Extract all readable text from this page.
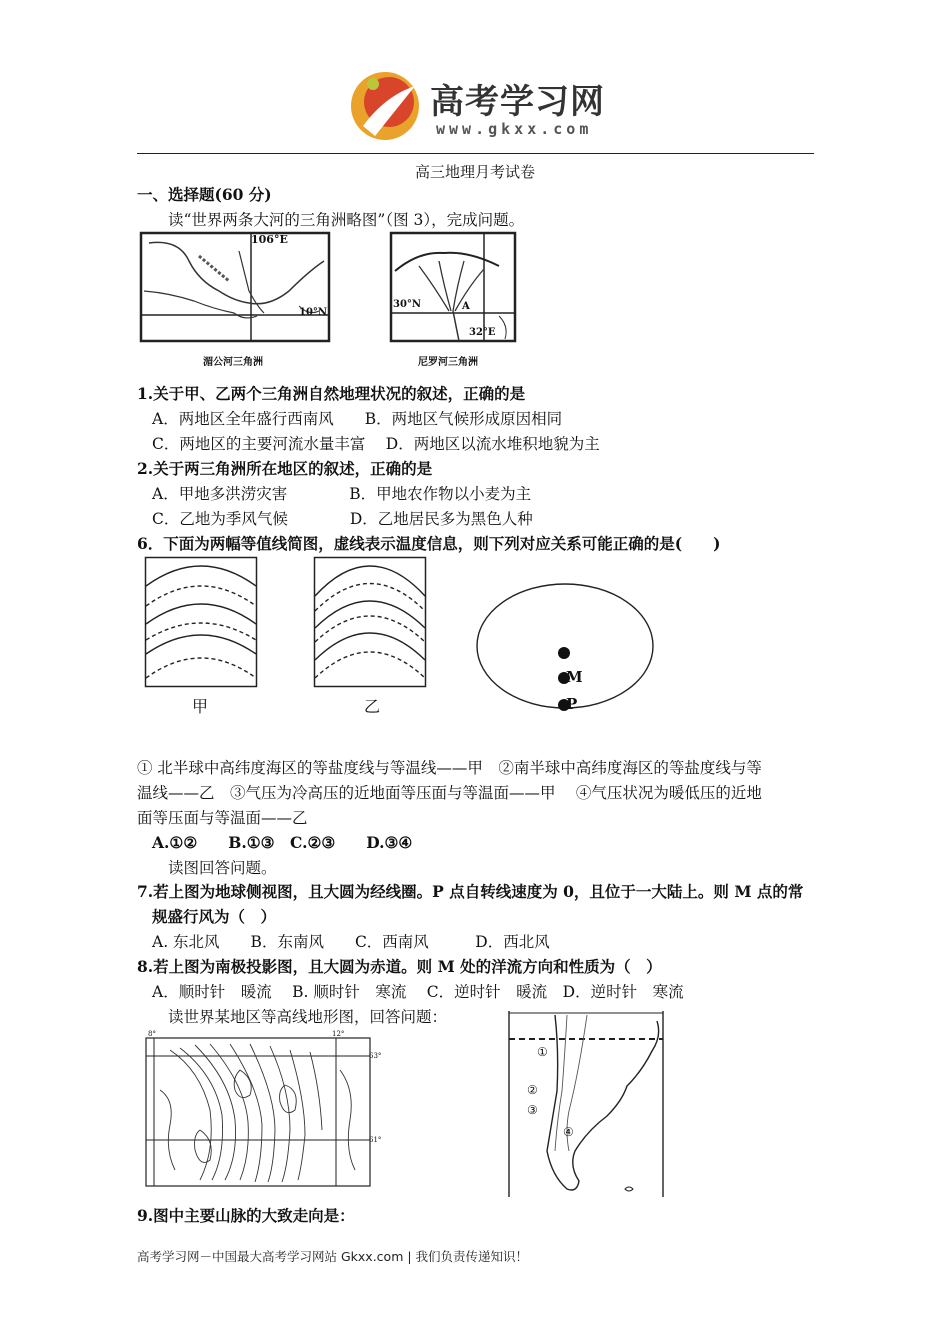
高考学习网
www.gkxx.com
高三地理月考试卷
一、选择题(60 分)
读“世界两条大河的三角洲略图”（图 3），完成问题。
106°E
10°N
湄公河三角洲
30°N	A
32°E
尼罗河三角洲
1.关于甲、乙两个三角洲自然地理状况的叙述，正确的是
A．两地区全年盛行西南风　　B．两地区气候形成原因相同
C．两地区的主要河流水量丰富　 D．两地区以流水堆积地貌为主
2.关于两三角洲所在地区的叙述，正确的是
A．甲地多洪涝灾害　　　　B．甲地农作物以小麦为主
C．乙地为季风气候　　　　D．乙地居民多为黑色人种
6．下面为两幅等值线简图，虚线表示温度信息，则下列对应关系可能正确的是(　　)
甲	乙
M
P
① 北半球中高纬度海区的等盐度线与等温线——甲　②南半球中高纬度海区的等盐度线与等
温线——乙　③气压为冷高压的近地面等压面与等温面——甲　 ④气压状况为暖低压的近地
面等压面与等温面——乙
A.①②　　B.①③　C.②③　　D.③④
读图回答问题。
7.若上图为地球侧视图，且大圆为经线圈。P 点自转线速度为 0，且位于一大陆上。则 M 点的常
规盛行风为（　）
A. 东北风　　B．东南风　　C．西南风　　　D．西北风
8.若上图为南极投影图，且大圆为赤道。则 M 处的洋流方向和性质为（　）
A．顺时针　暖流　 B. 顺时针　寒流　 C．逆时针　暖流　D．逆时针　寒流
读世界某地区等高线地形图，回答问题：
8°	12°
63°
61°
①
②
③
④
9.图中主要山脉的大致走向是：
高考学习网－中国最大高考学习网站 Gkxx.com | 我们负责传递知识！
